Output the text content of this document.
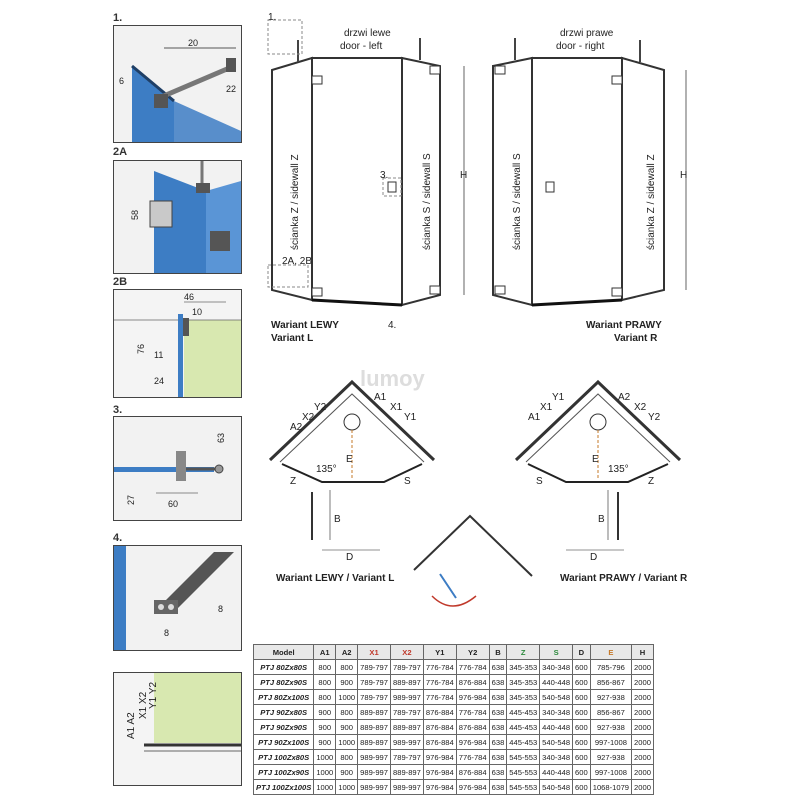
1.
20
6
22
2A
58
2B
46
10
76
11
24
3.
63
27	60
4.
8
8
A1 A2
X1 X2 Y1 Y2
H
drzwi lewe
door - left
ścianka Z / sidewall Z	ścianka S / sidewall S
1.
3.
2A, 2B
4.
Wariant LEWY
Variant L
H
drzwi prawe
door - right
ścianka S / sidewall S	ścianka Z / sidewall Z
Wariant PRAWY
Variant R
lumoy
A2
X2
Y2
A1
X1
Y1
E
Z	S
B
D
135°
Wariant LEWY / Variant L
A1
X1
Y1	A2
X2
Y2
E
S	Z
B
D
135°
Wariant PRAWY / Variant R
Model	A1	A2	X1	X2	Y1	Y2	B	Z	S	D	E	H
PTJ 80Zx80S	800	800	789-797	789-797	776-784	776-784	638	345-353	340-348	600	785-796	2000
PTJ 80Zx90S	800	900	789-797	889-897	776-784	876-884	638	345-353	440-448	600	856-867	2000
PTJ 80Zx100S	800	1000	789-797	989-997	776-784	976-984	638	345-353	540-548	600	927-938	2000
PTJ 90Zx80S	900	800	889-897	789-797	876-884	776-784	638	445-453	340-348	600	856-867	2000
PTJ 90Zx90S	900	900	889-897	889-897	876-884	876-884	638	445-453	440-448	600	927-938	2000
PTJ 90Zx100S	900	1000	889-897	989-997	876-884	976-984	638	445-453	540-548	600	997-1008	2000
PTJ 100Zx80S	1000	800	989-997	789-797	976-984	776-784	638	545-553	340-348	600	927-938	2000
PTJ 100Zx90S	1000	900	989-997	889-897	976-984	876-884	638	545-553	440-448	600	997-1008	2000
PTJ 100Zx100S	1000	1000	989-997	989-997	976-984	976-984	638	545-553	540-548	600	1068-1079	2000
